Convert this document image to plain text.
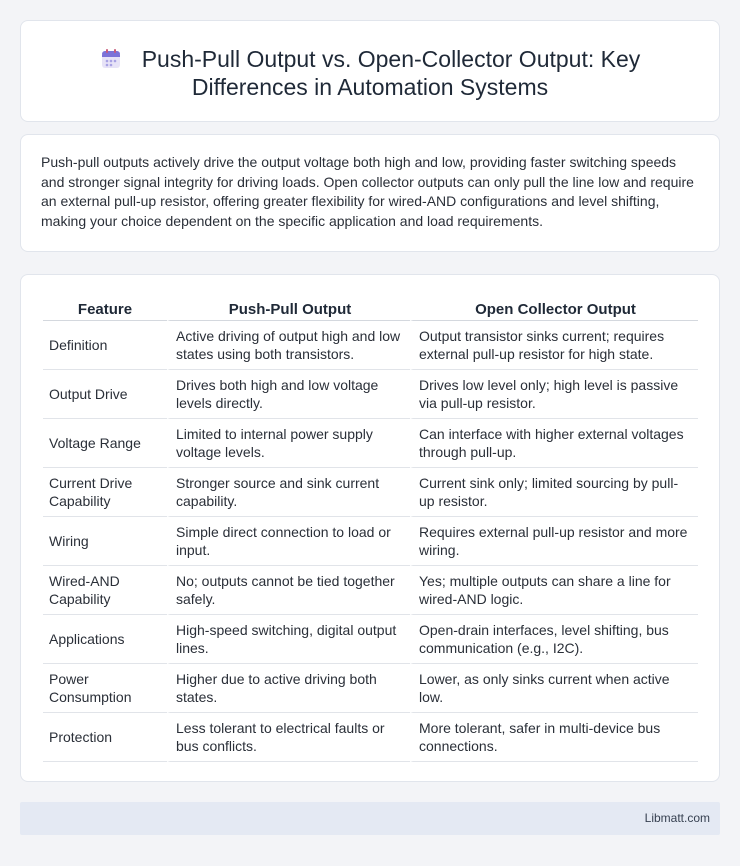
Push-Pull Output vs. Open-Collector Output: Key Differences in Automation Systems

Push-pull outputs actively drive the output voltage both high and low, providing faster switching speeds and stronger signal integrity for driving loads. Open collector outputs can only pull the line low and require an external pull-up resistor, offering greater flexibility for wired-AND configurations and level shifting, making your choice dependent on the specific application and load requirements.

Feature	Push-Pull Output	Open Collector Output
Definition	Active driving of output high and low states using both transistors.	Output transistor sinks current; requires external pull-up resistor for high state.
Output Drive	Drives both high and low voltage levels directly.	Drives low level only; high level is passive via pull-up resistor.
Voltage Range	Limited to internal power supply voltage levels.	Can interface with higher external voltages through pull-up.
Current Drive Capability	Stronger source and sink current capability.	Current sink only; limited sourcing by pull-up resistor.
Wiring	Simple direct connection to load or input.	Requires external pull-up resistor and more wiring.
Wired-AND Capability	No; outputs cannot be tied together safely.	Yes; multiple outputs can share a line for wired-AND logic.
Applications	High-speed switching, digital output lines.	Open-drain interfaces, level shifting, bus communication (e.g., I2C).
Power Consumption	Higher due to active driving both states.	Lower, as only sinks current when active low.
Protection	Less tolerant to electrical faults or bus conflicts.	More tolerant, safer in multi-device bus connections.
Libmatt.com
